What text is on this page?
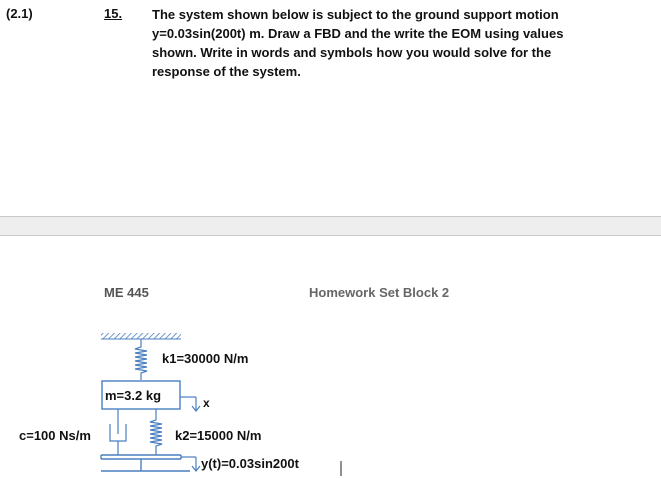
(2.1)	15. The system shown below is subject to the ground support motion
y=0.03sin(200t) m. Draw a FBD and the write the EOM using values
shown. Write in words and symbols how you would solve for the
response of the system.
ME 445	Homework Set Block 2
k1=30000 N/m
m=3.2 kg	x
c=100 Ns/m	k2=15000 N/m
y(t)=0.03sin200t
